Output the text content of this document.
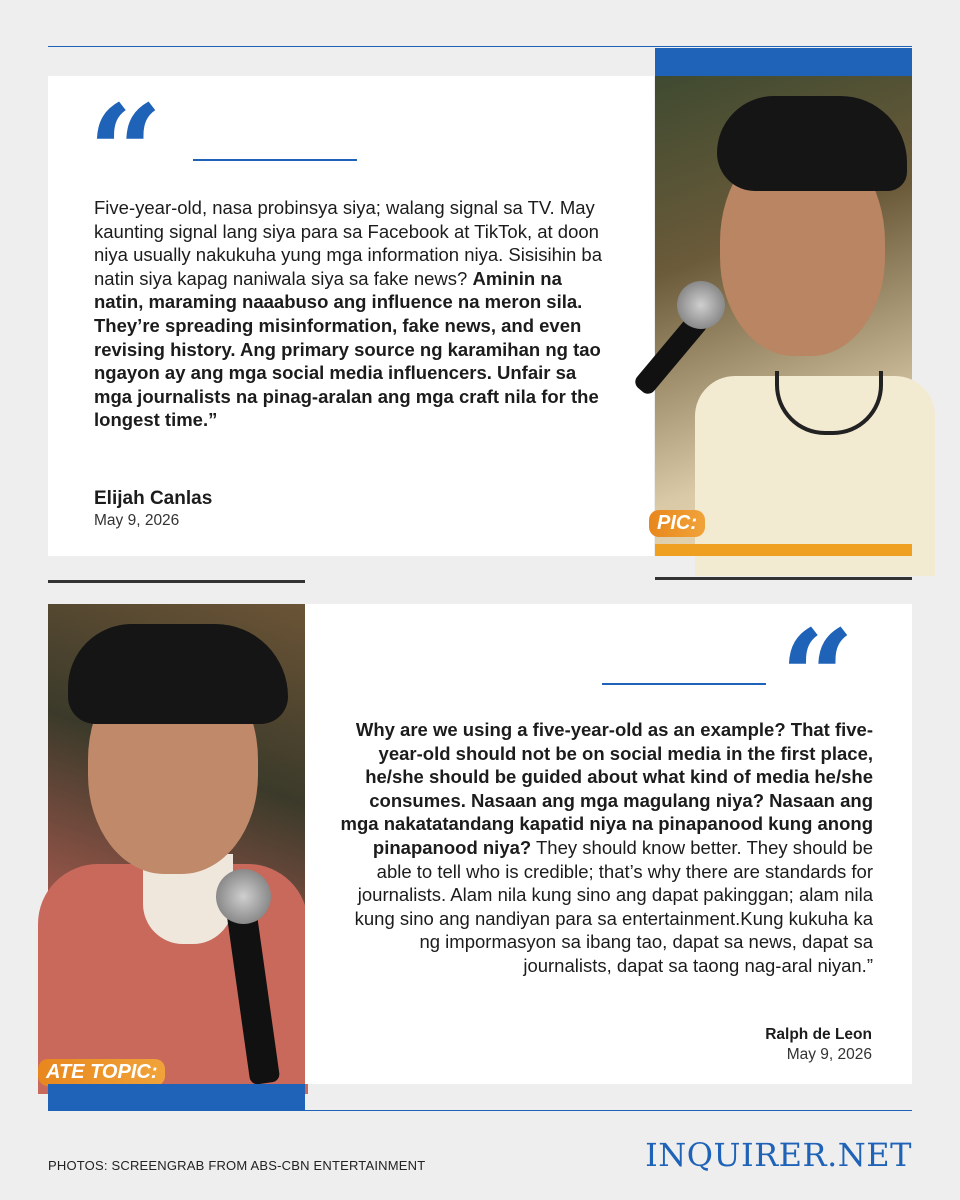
PIC:
“
Five-year-old, nasa probinsya siya; walang signal sa TV. May kaunting signal lang siya para sa Facebook at TikTok, at doon niya usually nakukuha yung mga information niya. Sisisihin ba natin siya kapag naniwala siya sa fake news? Aminin na natin, maraming naaabuso ang influence na meron sila. They’re spreading misinformation, fake news, and even revising history. Ang primary source ng karamihan ng tao ngayon ay ang mga social media influencers. Unfair sa mga journalists na pinag-aralan ang mga craft nila for the longest time.”
Elijah Canlas
May 9, 2026
ATE TOPIC:
“
Why are we using a five-year-old as an example? That five-year-old should not be on social media in the first place, he/she should be guided about what kind of media he/she consumes. Nasaan ang mga magulang niya? Nasaan ang mga nakatatandang kapatid niya na pinapanood kung anong pinapanood niya? They should know better. They should be able to tell who is credible; that’s why there are standards for journalists. Alam nila kung sino ang dapat pakinggan; alam nila kung sino ang nandiyan para sa entertainment.Kung kukuha ka ng impormasyon sa ibang tao, dapat sa news, dapat sa journalists, dapat sa taong nag-aral niyan.”
Ralph de Leon
May 9, 2026
PHOTOS: SCREENGRAB FROM ABS-CBN ENTERTAINMENT	INQUIRER.NET
